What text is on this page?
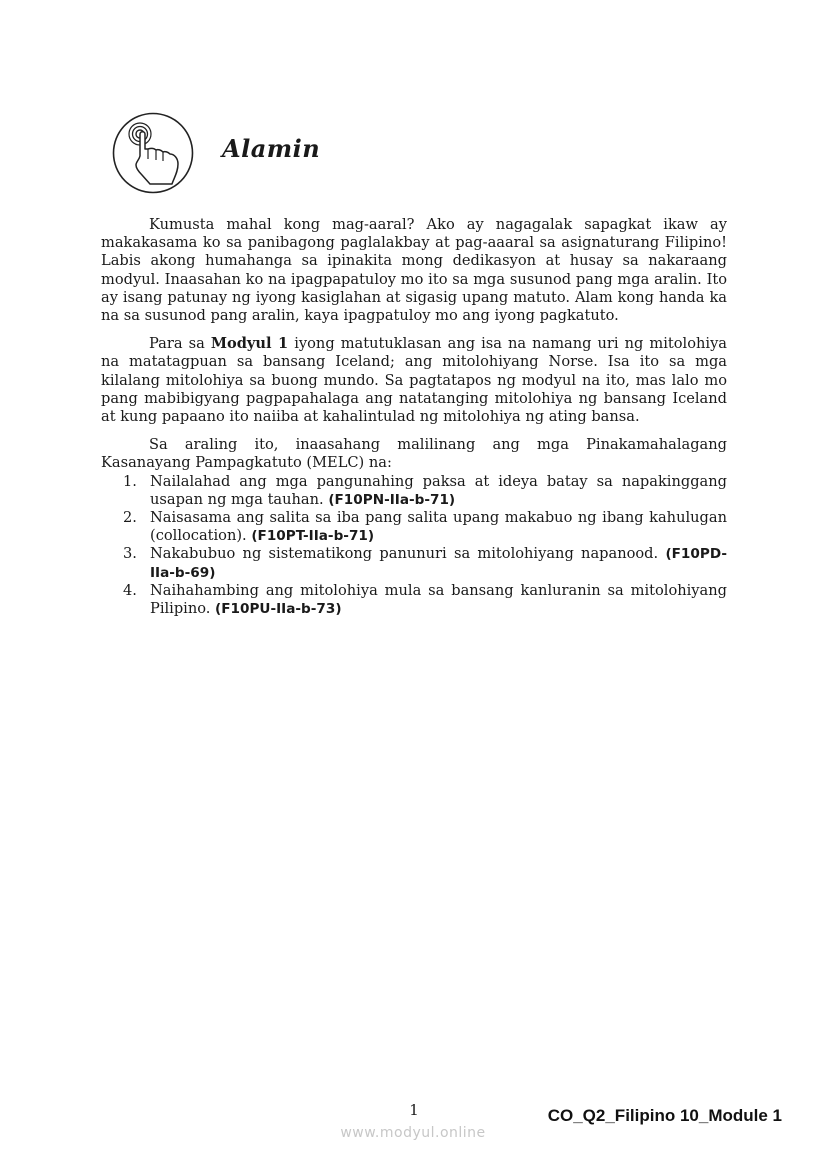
Alamin

Kumusta mahal kong mag-aaral? Ako ay nagagalak sapagkat ikaw ay makakasama ko sa panibagong paglalakbay at pag-aaaral sa asignaturang Filipino! Labis akong humahanga sa ipinakita mong dedikasyon at husay sa nakaraang modyul. Inaasahan ko na ipagpapatuloy mo ito sa mga susunod pang mga aralin. Ito ay isang patunay ng iyong kasiglahan at sigasig upang matuto. Alam kong handa ka na sa susunod pang aralin, kaya ipagpatuloy mo ang iyong pagkatuto.

Para sa Modyul 1 iyong matutuklasan ang isa na namang uri ng mitolohiya na matatagpuan sa bansang Iceland; ang mitolohiyang Norse. Isa ito sa mga kilalang mitolohiya sa buong mundo. Sa pagtatapos ng modyul na ito, mas lalo mo pang mabibigyang pagpapahalaga ang natatanging mitolohiya ng bansang Iceland at kung papaano ito naiiba at kahalintulad ng mitolohiya ng ating bansa.

Sa araling ito, inaasahang malilinang ang mga Pinakamahalagang Kasanayang Pampagkatuto (MELC) na:

1. Nailalahad ang mga pangunahing paksa at ideya batay sa napakinggang usapan ng mga tauhan. (F10PN-IIa-b-71)
2. Naisasama ang salita sa iba pang salita upang makabuo ng ibang kahulugan (collocation). (F10PT-IIa-b-71)
3. Nakabubuo ng sistematikong panunuri sa mitolohiyang napanood. (F10PD-IIa-b-69)
4. Naihahambing ang mitolohiya mula sa bansang kanluranin sa mitolohiyang Pilipino. (F10PU-IIa-b-73)
1	CO_Q2_Filipino 10_Module 1
www.modyul.online
